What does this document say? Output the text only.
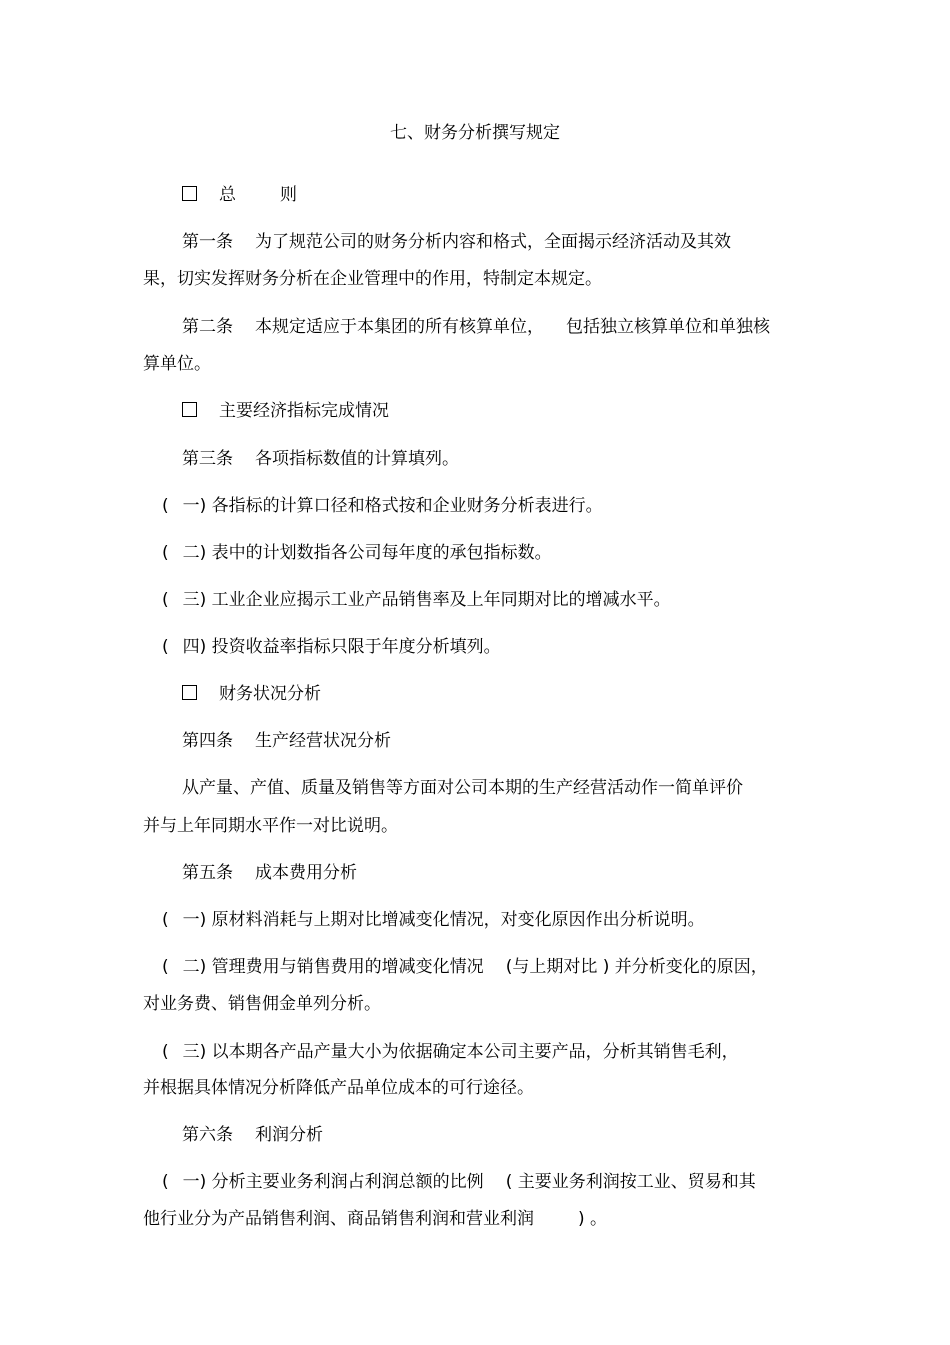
七、财务分析撰写规定
总	则
第一条 为了规范公司的财务分析内容和格式，全面揭示经济活动及其效
果，切实发挥财务分析在企业管理中的作用，特制定本规定。
第二条 本规定适应于本集团的所有核算单位， 包括独立核算单位和单独核
算单位。
主要经济指标完成情况
第三条 各项指标数值的计算填列。
( 一) 各指标的计算口径和格式按和企业财务分析表进行。
( 二) 表中的计划数指各公司每年度的承包指标数。
( 三) 工业企业应揭示工业产品销售率及上年同期对比的增减水平。
( 四) 投资收益率指标只限于年度分析填列。
财务状况分析
第四条 生产经营状况分析
从产量、产值、质量及销售等方面对公司本期的生产经营活动作一简单评价
并与上年同期水平作一对比说明。
第五条 成本费用分析
( 一) 原材料消耗与上期对比增减变化情况，对变化原因作出分析说明。
( 二) 管理费用与销售费用的增减变化情况 (与上期对比 ) 并分析变化的原因，
对业务费、销售佣金单列分析。
( 三) 以本期各产品产量大小为依据确定本公司主要产品，分析其销售毛利，
并根据具体情况分析降低产品单位成本的可行途径。
第六条 利润分析
( 一) 分析主要业务利润占利润总额的比例 ( 主要业务利润按工业、贸易和其
他行业分为产品销售利润、商品销售利润和营业利润	) 。
